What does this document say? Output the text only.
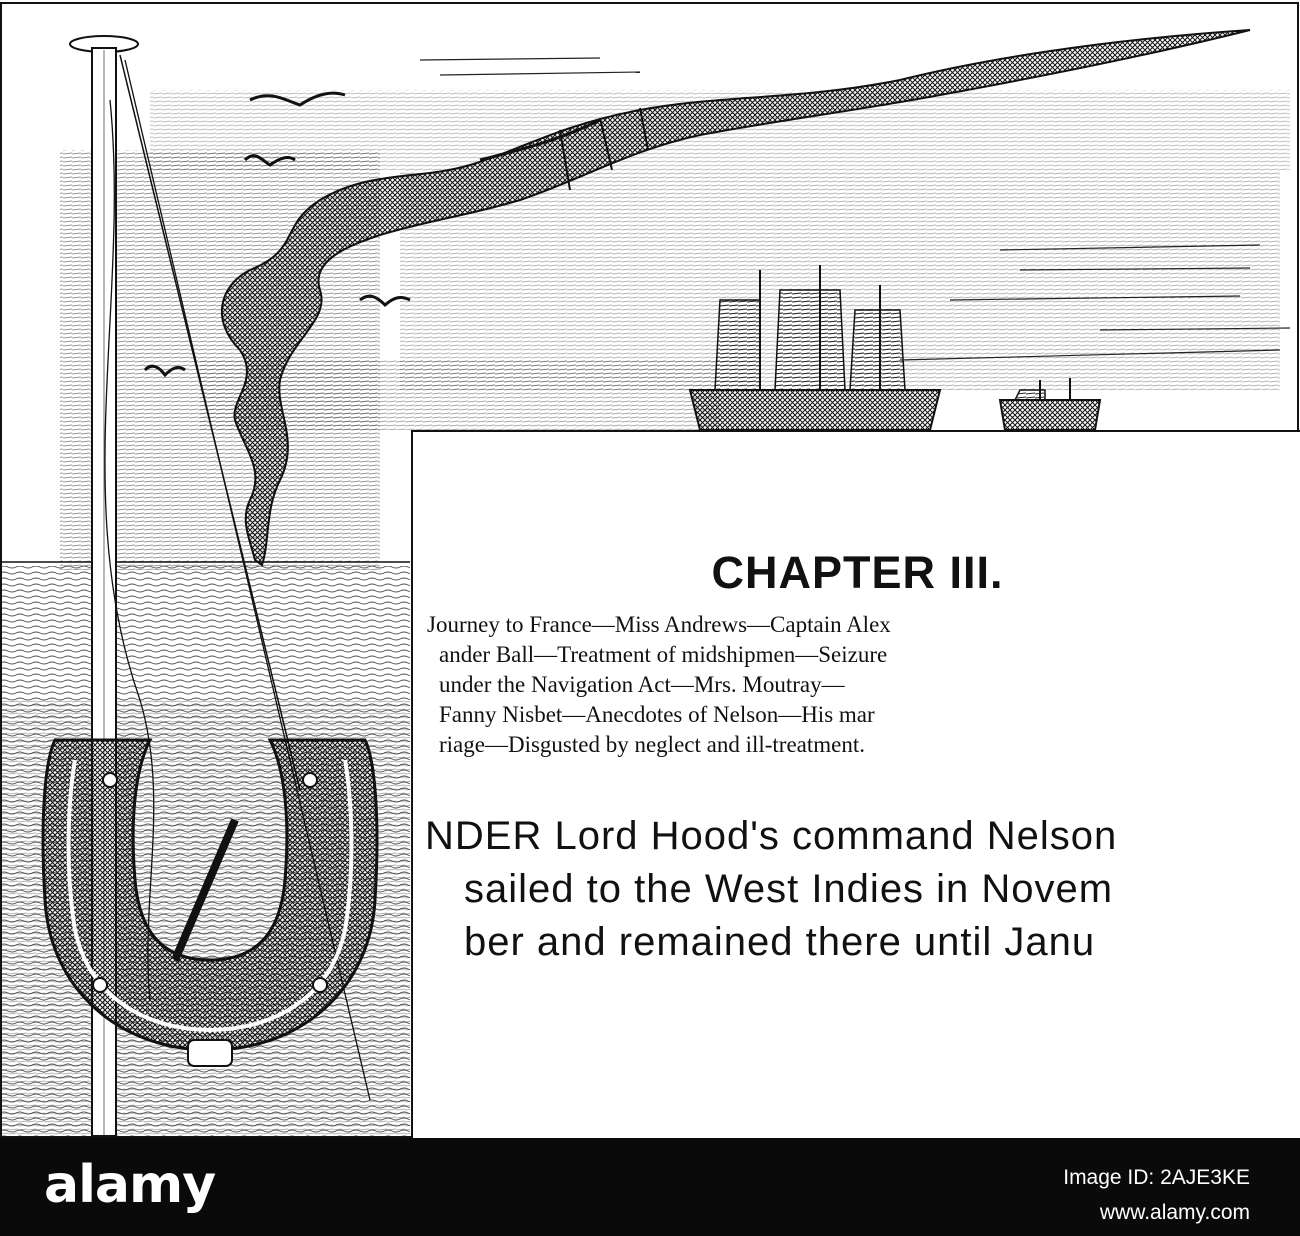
CHAPTER III.
Journey to France—Miss Andrews—Captain Alex
ander Ball—Treatment of midshipmen—Seizure
under the Navigation Act—Mrs. Moutray—
Fanny Nisbet—Anecdotes of Nelson—His mar
riage—Disgusted by neglect and ill-treatment.
NDER Lord Hood's command Nelson
sailed to the West Indies in Novem
ber and remained there until Janu
alamy	Image ID: 2AJE3KE
www.alamy.com
